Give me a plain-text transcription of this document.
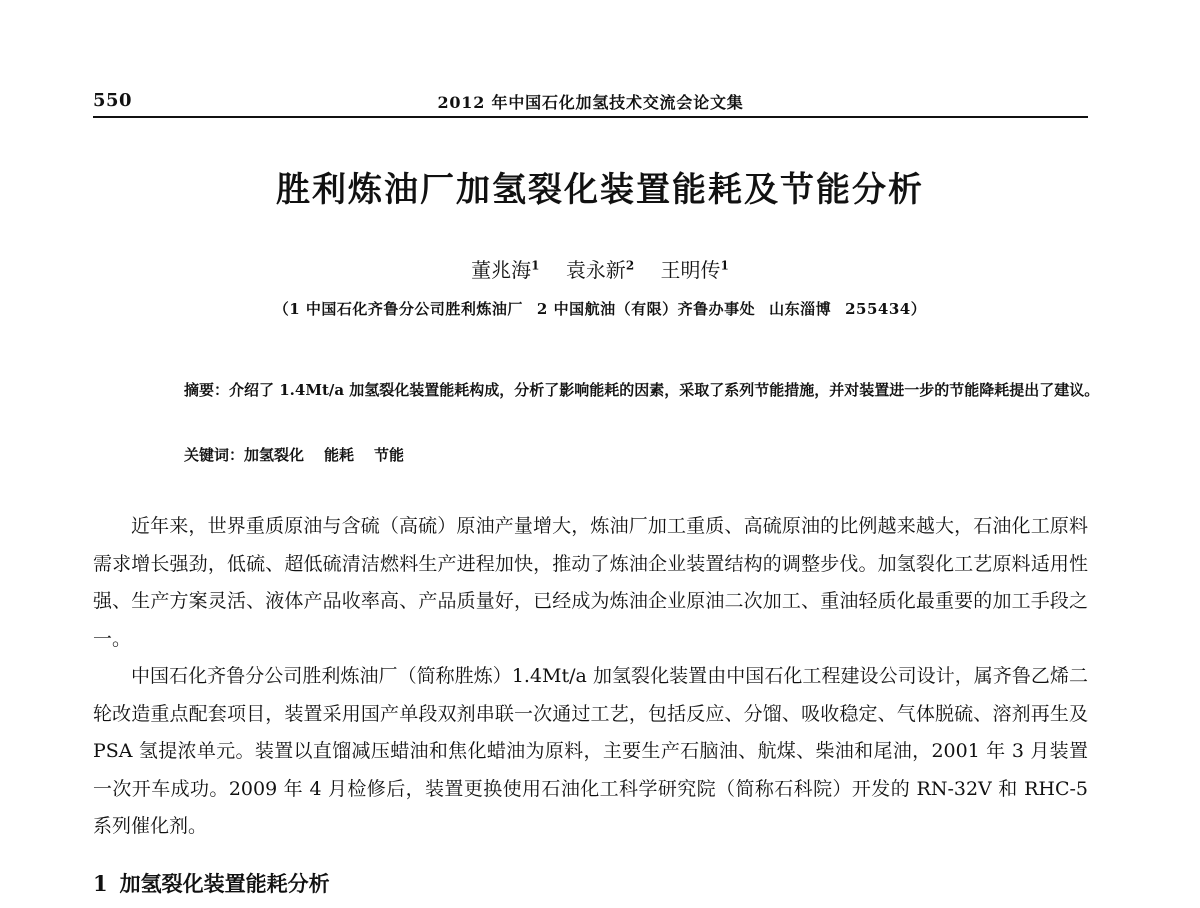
550	2012 年中国石化加氢技术交流会论文集
胜利炼油厂加氢裂化装置能耗及节能分析
董兆海$^1$ 袁永新$^2$ 王明传$^1$
（1 中国石化齐鲁分公司胜利炼油厂 2 中国航油（有限）齐鲁办事处 山东淄博 255434）

摘要：介绍了 1.4Mt/a 加氢裂化装置能耗构成，分析了影响能耗的因素，采取了系列节能措施，并对装置进一步的节能降耗提出了建议。

关键词：加氢裂化 能耗 节能

近年来，世界重质原油与含硫（高硫）原油产量增大，炼油厂加工重质、高硫原油的比例越来越大，石油化工原料需求增长强劲，低硫、超低硫清洁燃料生产进程加快，推动了炼油企业装置结构的调整步伐。加氢裂化工艺原料适用性强、生产方案灵活、液体产品收率高、产品质量好，已经成为炼油企业原油二次加工、重油轻质化最重要的加工手段之一。

中国石化齐鲁分公司胜利炼油厂（简称胜炼）1.4Mt/a 加氢裂化装置由中国石化工程建设公司设计，属齐鲁乙烯二轮改造重点配套项目，装置采用国产单段双剂串联一次通过工艺，包括反应、分馏、吸收稳定、气体脱硫、溶剂再生及 PSA 氢提浓单元。装置以直馏减压蜡油和焦化蜡油为原料，主要生产石脑油、航煤、柴油和尾油，2001 年 3 月装置一次开车成功。2009 年 4 月检修后，装置更换使用石油化工科学研究院（简称石科院）开发的 RN-32V 和 RHC-5 系列催化剂。

1 加氢裂化装置能耗分析
